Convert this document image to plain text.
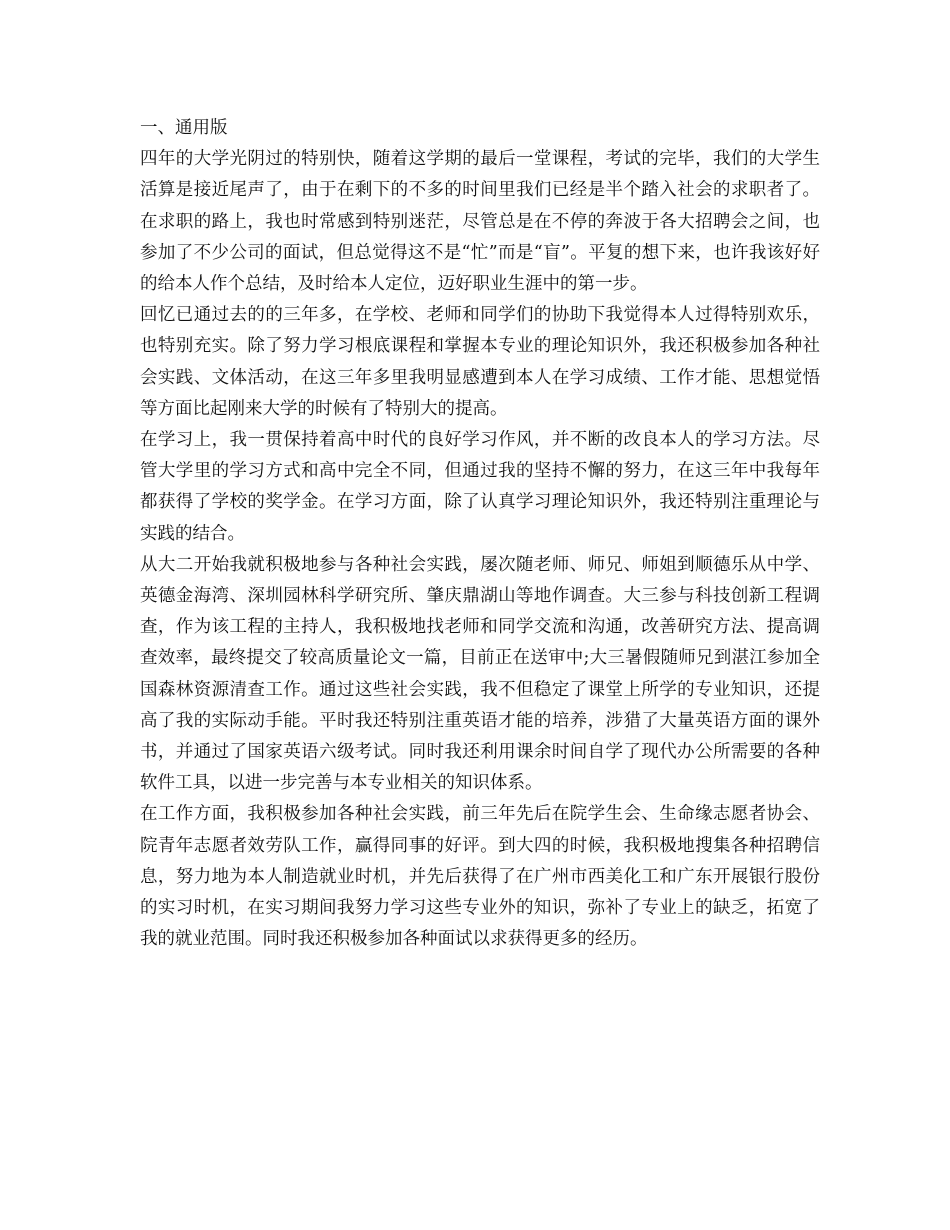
一、通用版

四年的大学光阴过的特别快，随着这学期的最后一堂课程，考试的完毕，我们的大学生活算是接近尾声了，由于在剩下的不多的时间里我们已经是半个踏入社会的求职者了。在求职的路上，我也时常感到特别迷茫，尽管总是在不停的奔波于各大招聘会之间，也参加了不少公司的面试，但总觉得这不是“忙”而是“盲”。平复的想下来，也许我该好好的给本人作个总结，及时给本人定位，迈好职业生涯中的第一步。

回忆已通过去的的三年多，在学校、老师和同学们的协助下我觉得本人过得特别欢乐，也特别充实。除了努力学习根底课程和掌握本专业的理论知识外，我还积极参加各种社会实践、文体活动，在这三年多里我明显感遭到本人在学习成绩、工作才能、思想觉悟等方面比起刚来大学的时候有了特别大的提高。

在学习上，我一贯保持着高中时代的良好学习作风，并不断的改良本人的学习方法。尽管大学里的学习方式和高中完全不同，但通过我的坚持不懈的努力，在这三年中我每年都获得了学校的奖学金。在学习方面，除了认真学习理论知识外，我还特别注重理论与实践的结合。

从大二开始我就积极地参与各种社会实践，屡次随老师、师兄、师姐到顺德乐从中学、英德金海湾、深圳园林科学研究所、肇庆鼎湖山等地作调查。大三参与科技创新工程调查，作为该工程的主持人，我积极地找老师和同学交流和沟通，改善研究方法、提高调查效率，最终提交了较高质量论文一篇，目前正在送审中;大三暑假随师兄到湛江参加全国森林资源清查工作。通过这些社会实践，我不但稳定了课堂上所学的专业知识，还提高了我的实际动手能。平时我还特别注重英语才能的培养，涉猎了大量英语方面的课外书，并通过了国家英语六级考试。同时我还利用课余时间自学了现代办公所需要的各种软件工具，以进一步完善与本专业相关的知识体系。

在工作方面，我积极参加各种社会实践，前三年先后在院学生会、生命缘志愿者协会、院青年志愿者效劳队工作，赢得同事的好评。到大四的时候，我积极地搜集各种招聘信息，努力地为本人制造就业时机，并先后获得了在广州市西美化工和广东开展银行股份的实习时机，在实习期间我努力学习这些专业外的知识，弥补了专业上的缺乏，拓宽了我的就业范围。同时我还积极参加各种面试以求获得更多的经历。
